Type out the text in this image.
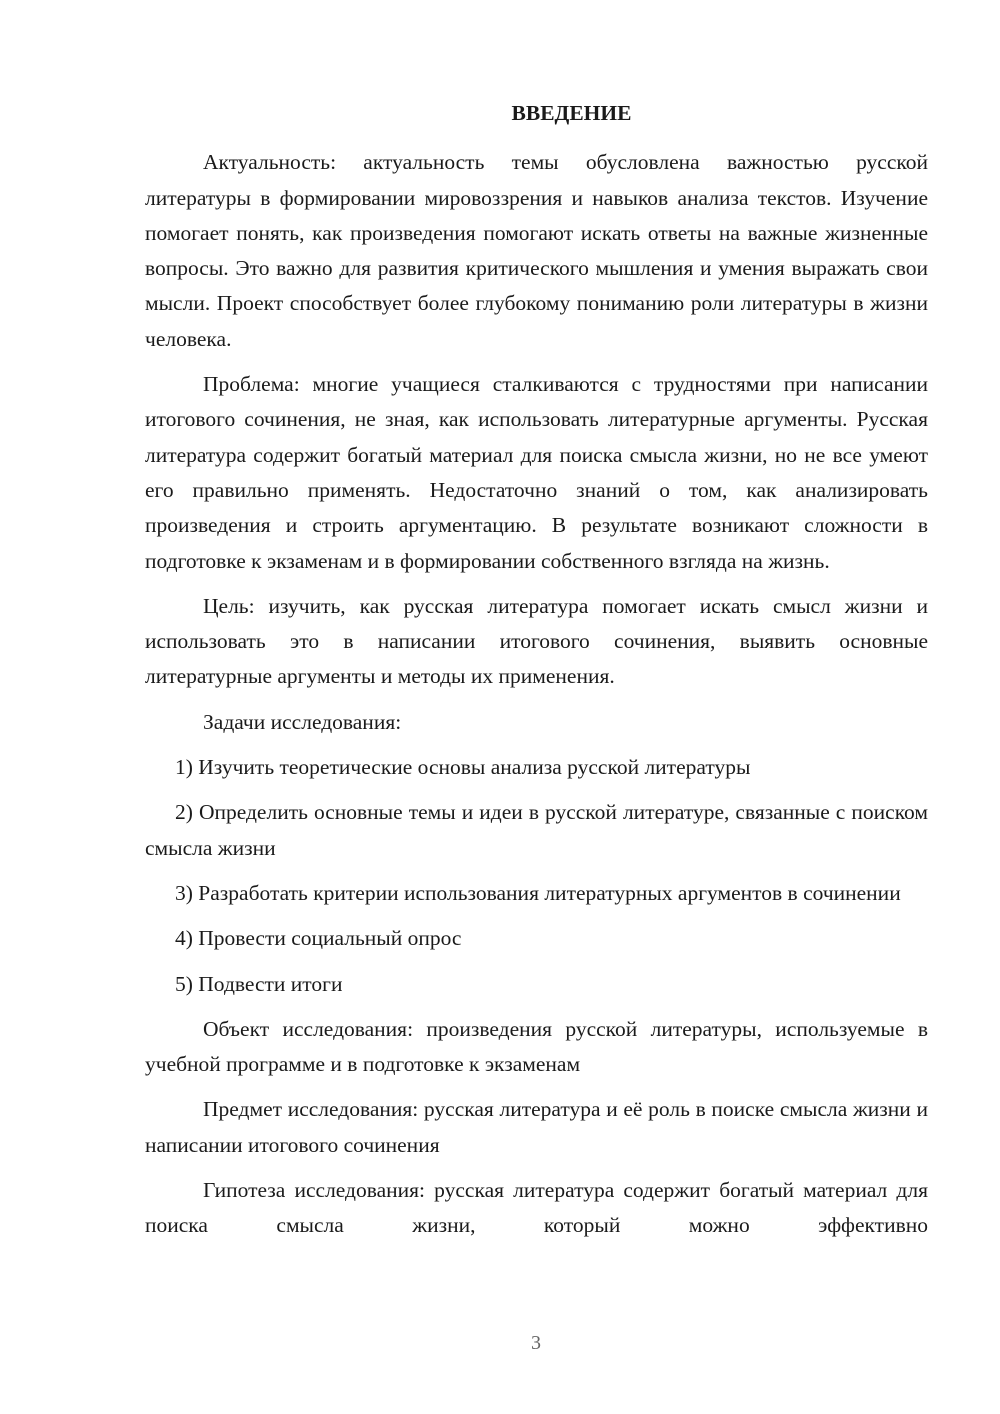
ВВЕДЕНИЕ

Актуальность: актуальность темы обусловлена важностью русской литературы в формировании мировоззрения и навыков анализа текстов. Изучение помогает понять, как произведения помогают искать ответы на важные жизненные вопросы. Это важно для развития критического мышления и умения выражать свои мысли. Проект способствует более глубокому пониманию роли литературы в жизни человека.

Проблема: многие учащиеся сталкиваются с трудностями при написании итогового сочинения, не зная, как использовать литературные аргументы. Русская литература содержит богатый материал для поиска смысла жизни, но не все умеют его правильно применять. Недостаточно знаний о том, как анализировать произведения и строить аргументацию. В результате возникают сложности в подготовке к экзаменам и в формировании собственного взгляда на жизнь.

Цель: изучить, как русская литература помогает искать смысл жизни и использовать это в написании итогового сочинения, выявить основные литературные аргументы и методы их применения.

Задачи исследования:

1) Изучить теоретические основы анализа русской литературы

2) Определить основные темы и идеи в русской литературе, связанные с поиском смысла жизни

3) Разработать критерии использования литературных аргументов в сочинении

4) Провести социальный опрос

5) Подвести итоги

Объект исследования: произведения русской литературы, используемые в учебной программе и в подготовке к экзаменам

Предмет исследования: русская литература и её роль в поиске смысла жизни и написании итогового сочинения

Гипотеза исследования: русская литература содержит богатый материал для поиска смысла жизни, который можно эффективно

3
